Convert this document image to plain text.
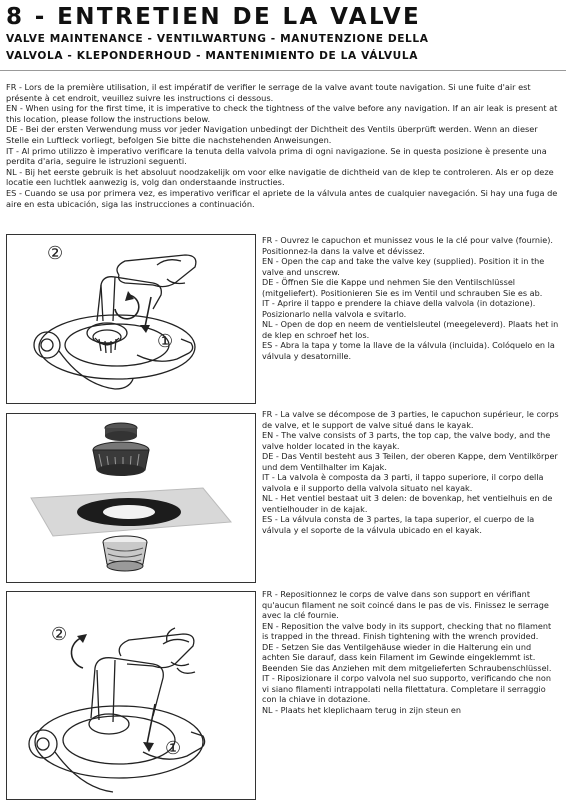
8 - ENTRETIEN DE LA VALVE
VALVE MAINTENANCE - VENTILWARTUNG - MANUTENZIONE DELLA
VALVOLA - KLEPONDERHOUD - MANTENIMIENTO DE LA VÁLVULA

FR - Lors de la première utilisation, il est impératif de verifier le serrage de la valve avant toute navigation. Si une fuite d'air est présente à cet endroit, veuillez suivre les instructions ci dessous.

EN - When using for the first time, it is imperative to check the tightness of the valve before any navigation. If an air leak is present at this location, please follow the instructions below.

DE - Bei der ersten Verwendung muss vor jeder Navigation unbedingt der Dichtheit des Ventils überprüft werden. Wenn an dieser Stelle ein Luftleck vorliegt, befolgen Sie bitte die nachstehenden Anweisungen.

IT - Al primo utilizzo è imperativo verificare la tenuta della valvola prima di ogni navigazione. Se in questa posizione è presente una perdita d'aria, seguire le istruzioni seguenti.

NL - Bij het eerste gebruik is het absoluut noodzakelijk om voor elke navigatie de dichtheid van de klep te controleren. Als er op deze locatie een luchtlek aanwezig is, volg dan onderstaande instructies.

ES - Cuando se usa por primera vez, es imperativo verificar el apriete de la válvula antes de cualquier navegación. Si hay una fuga de aire en esta ubicación, siga las instrucciones a continuación.

②
①

FR - Ouvrez le capuchon et munissez vous le la clé pour valve (fournie). Positionnez-la dans la valve et dévissez.

EN - Open the cap and take the valve key (supplied). Position it in the valve and unscrew.

DE - Öffnen Sie die Kappe und nehmen Sie den Ventilschlüssel (mitgeliefert). Positionieren Sie es im Ventil und schrauben Sie es ab.

IT - Aprire il tappo e prendere la chiave della valvola (in dotazione). Posizionarlo nella valvola e svitarlo.

NL - Open de dop en neem de ventielsleutel (meegeleverd). Plaats het in de klep en schroef het los.

ES - Abra la tapa y tome la llave de la válvula (incluida). Colóquelo en la válvula y desatornille.

FR - La valve se décompose de 3 parties, le capuchon supérieur, le corps de valve, et le support de valve situé dans le kayak.

EN - The valve consists of 3 parts, the top cap, the valve body, and the valve holder located in the kayak.

DE - Das Ventil besteht aus 3 Teilen, der oberen Kappe, dem Ventilkörper und dem Ventilhalter im Kajak.

IT - La valvola è composta da 3 parti, il tappo superiore, il corpo della valvola e il supporto della valvola situato nel kayak.

NL - Het ventiel bestaat uit 3 delen: de bovenkap, het ventielhuis en de ventielhouder in de kajak.

ES - La válvula consta de 3 partes, la tapa superior, el cuerpo de la válvula y el soporte de la válvula ubicado en el kayak.

②
①

FR - Repositionnez le corps de valve dans son support en vérifiant qu'aucun filament ne soit coincé dans le pas de vis. Finissez le serrage avec la clé fournie.

EN - Reposition the valve body in its support, checking that no filament is trapped in the thread. Finish tightening with the wrench provided.

DE - Setzen Sie das Ventilgehäuse wieder in die Halterung ein und achten Sie darauf, dass kein Filament im Gewinde eingeklemmt ist. Beenden Sie das Anziehen mit dem mitgelieferten Schraubenschlüssel.

IT - Riposizionare il corpo valvola nel suo supporto, verificando che non vi siano filamenti intrappolati nella filettatura. Completare il serraggio con la chiave in dotazione.

NL - Plaats het kleplichaam terug in zijn steun en
